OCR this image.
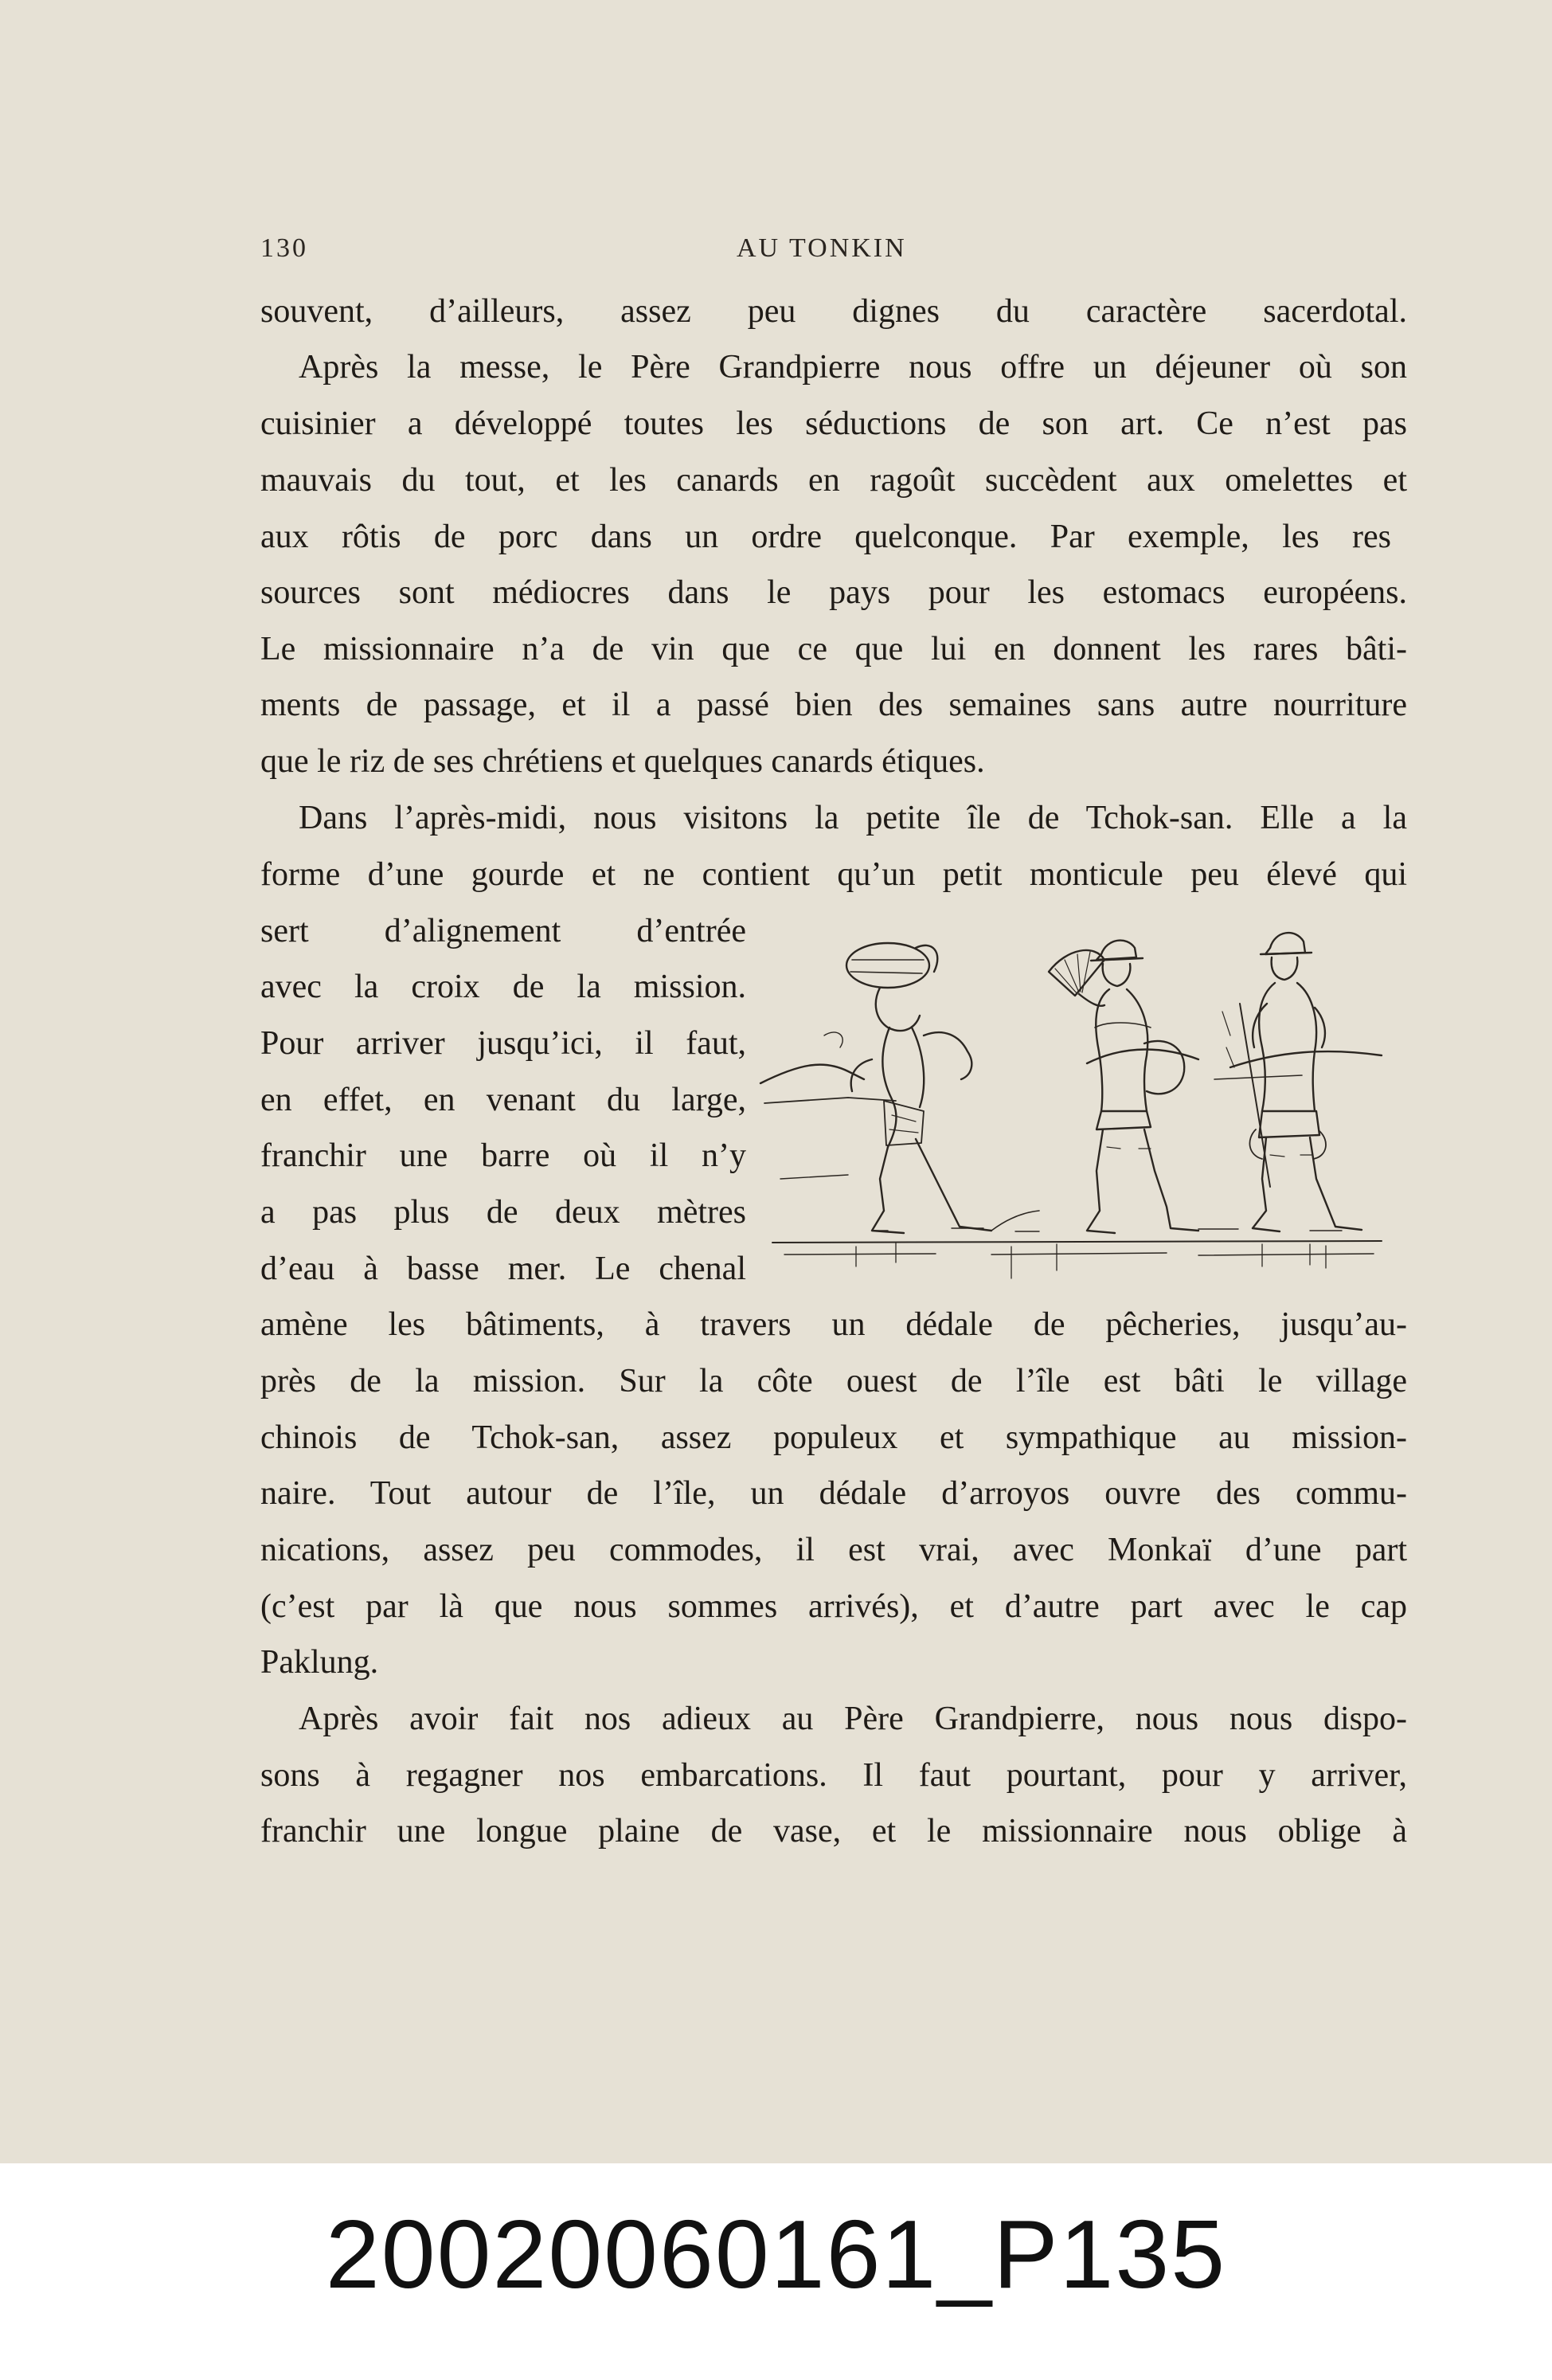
130	AU TONKIN

souvent, d’ailleurs, assez peu dignes du caractère sacerdotal.

Après la messe, le Père Grandpierre nous offre un déjeuner où son

cuisinier a développé toutes les séductions de son art. Ce n’est pas

mauvais du tout, et les canards en ragoût succèdent aux omelettes et

aux rôtis de porc dans un ordre quelconque. Par exemple, les res

sources sont médiocres dans le pays pour les estomacs européens.

Le missionnaire n’a de vin que ce que lui en donnent les rares bâti-

ments de passage, et il a passé bien des semaines sans autre nourriture

que le riz de ses chrétiens et quelques canards étiques.

Dans l’après-midi, nous visitons la petite île de Tchok-san. Elle a la

forme d’une gourde et ne contient qu’un petit monticule peu élevé qui

sert d’alignement d’entrée

avec la croix de la mission.

Pour arriver jusqu’ici, il faut,

en effet, en venant du large,

franchir une barre où il n’y

a pas plus de deux mètres

d’eau à basse mer. Le chenal

amène les bâtiments, à travers un dédale de pêcheries, jusqu’au-

près de la mission. Sur la côte ouest de l’île est bâti le village

chinois de Tchok-san, assez populeux et sympathique au mission-

naire. Tout autour de l’île, un dédale d’arroyos ouvre des commu-

nications, assez peu commodes, il est vrai, avec Monkaï d’une part

(c’est par là que nous sommes arrivés), et d’autre part avec le cap

Paklung.

Après avoir fait nos adieux au Père Grandpierre, nous nous dispo-

sons à regagner nos embarcations. Il faut pourtant, pour y arriver,

franchir une longue plaine de vase, et le missionnaire nous oblige à

20020060161_P135
